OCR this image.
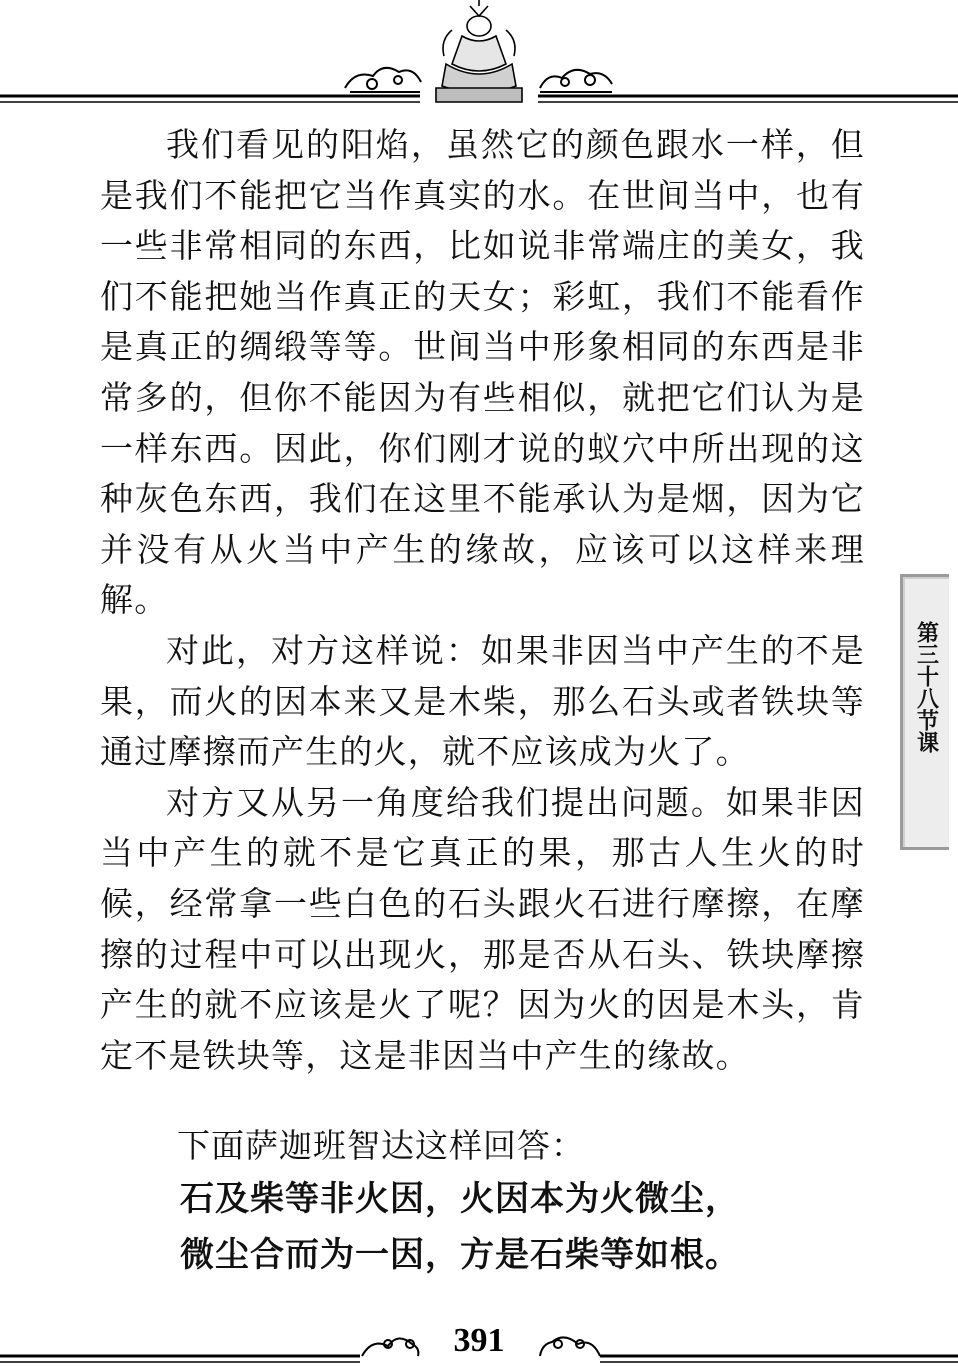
我们看见的阳焰，虽然它的颜色跟水一样，但是我们不能把它当作真实的水。在世间当中，也有一些非常相同的东西，比如说非常端庄的美女，我们不能把她当作真正的天女；彩虹，我们不能看作是真正的绸缎等等。世间当中形象相同的东西是非常多的，但你不能因为有些相似，就把它们认为是一样东西。因此，你们刚才说的蚁穴中所出现的这种灰色东西，我们在这里不能承认为是烟，因为它并没有从火当中产生的缘故，应该可以这样来理解。

对此，对方这样说：如果非因当中产生的不是果，而火的因本来又是木柴，那么石头或者铁块等通过摩擦而产生的火，就不应该成为火了。

对方又从另一角度给我们提出问题。如果非因当中产生的就不是它真正的果，那古人生火的时候，经常拿一些白色的石头跟火石进行摩擦，在摩擦的过程中可以出现火，那是否从石头、铁块摩擦产生的就不应该是火了呢？因为火的因是木头，肯定不是铁块等，这是非因当中产生的缘故。

下面萨迦班智达这样回答：

石及柴等非火因，火因本为火微尘，

微尘合而为一因，方是石柴等如根。

第三十八节课
391
